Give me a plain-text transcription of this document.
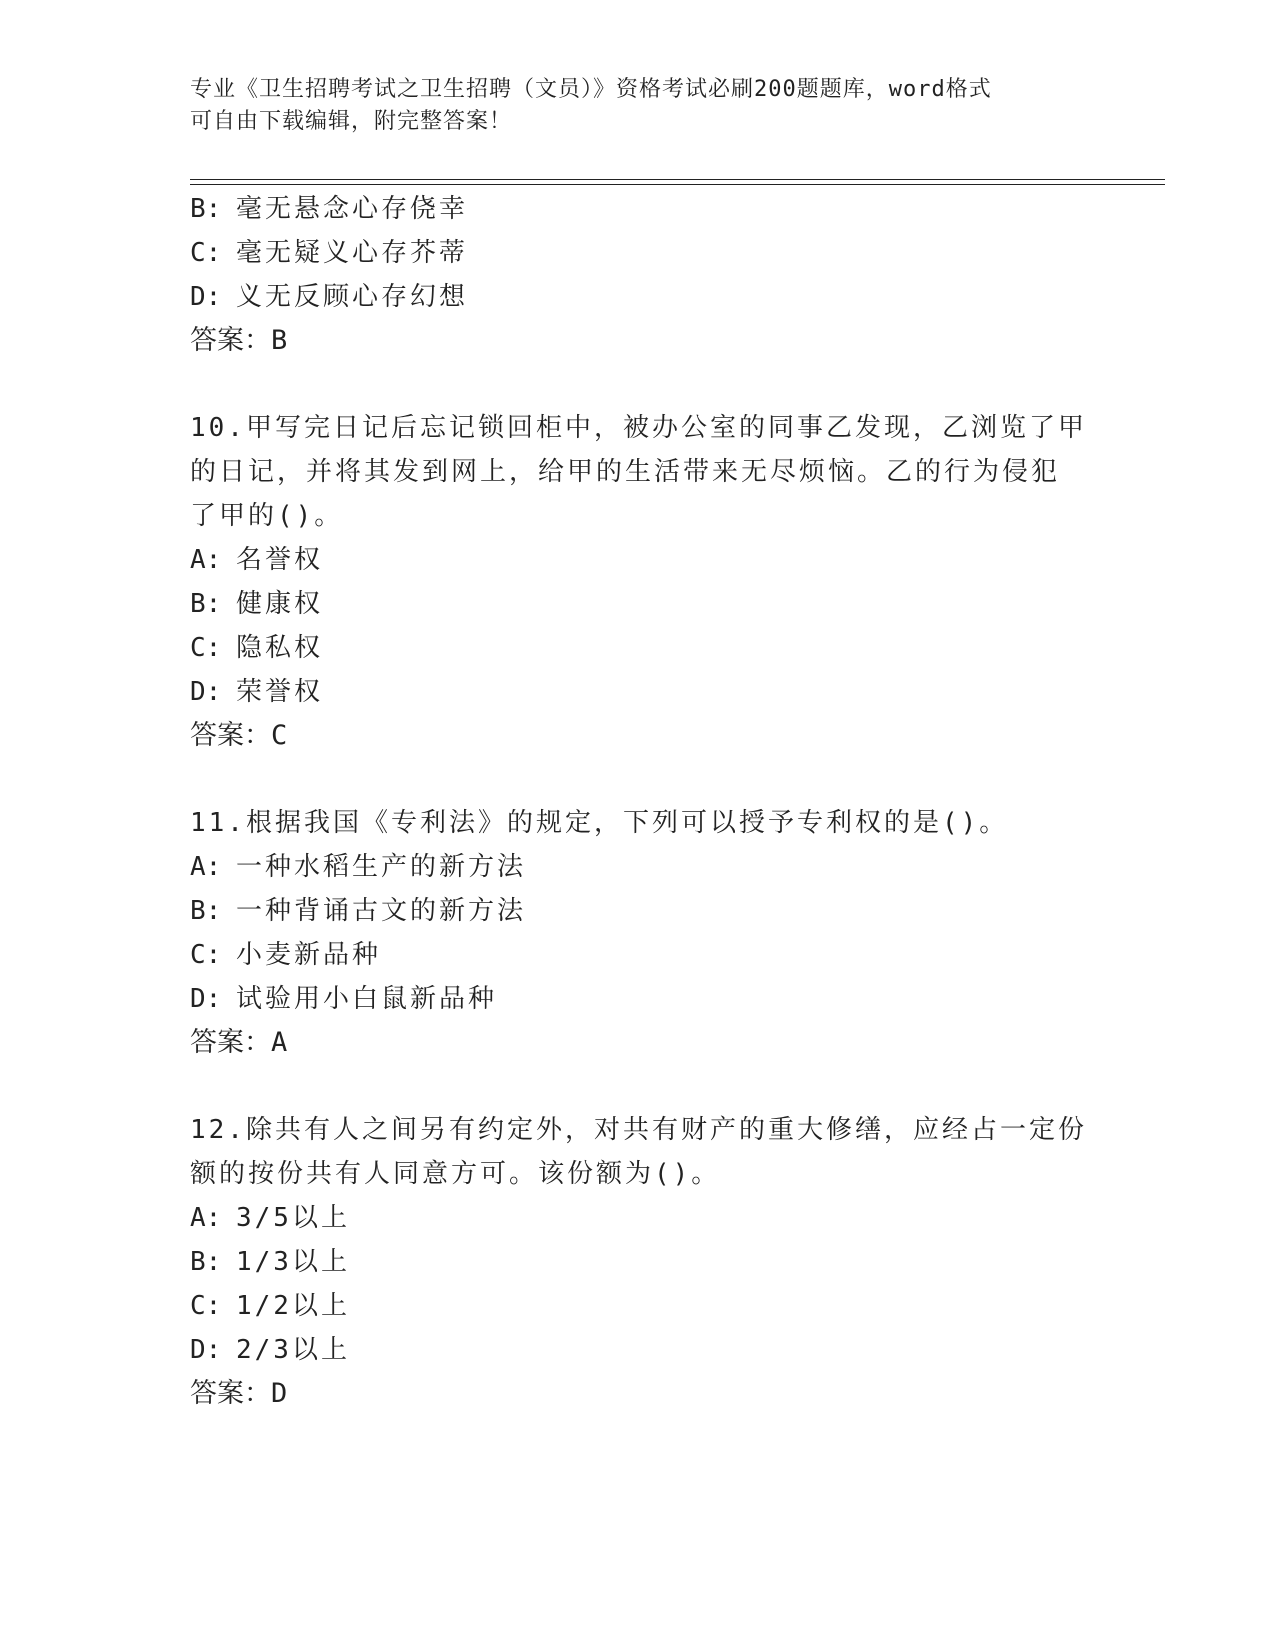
专业《卫生招聘考试之卫生招聘（文员）》资格考试必刷200题题库，word格式
可自由下载编辑，附完整答案！
B: 毫无悬念心存侥幸
C: 毫无疑义心存芥蒂
D: 义无反顾心存幻想
答案：B
10.甲写完日记后忘记锁回柜中，被办公室的同事乙发现，乙浏览了甲
的日记，并将其发到网上，给甲的生活带来无尽烦恼。乙的行为侵犯
了甲的()。
A: 名誉权
B: 健康权
C: 隐私权
D: 荣誉权
答案：C
11.根据我国《专利法》的规定，下列可以授予专利权的是()。
A: 一种水稻生产的新方法
B: 一种背诵古文的新方法
C: 小麦新品种
D: 试验用小白鼠新品种
答案：A
12.除共有人之间另有约定外，对共有财产的重大修缮，应经占一定份
额的按份共有人同意方可。该份额为()。
A: 3/5以上
B: 1/3以上
C: 1/2以上
D: 2/3以上
答案：D
